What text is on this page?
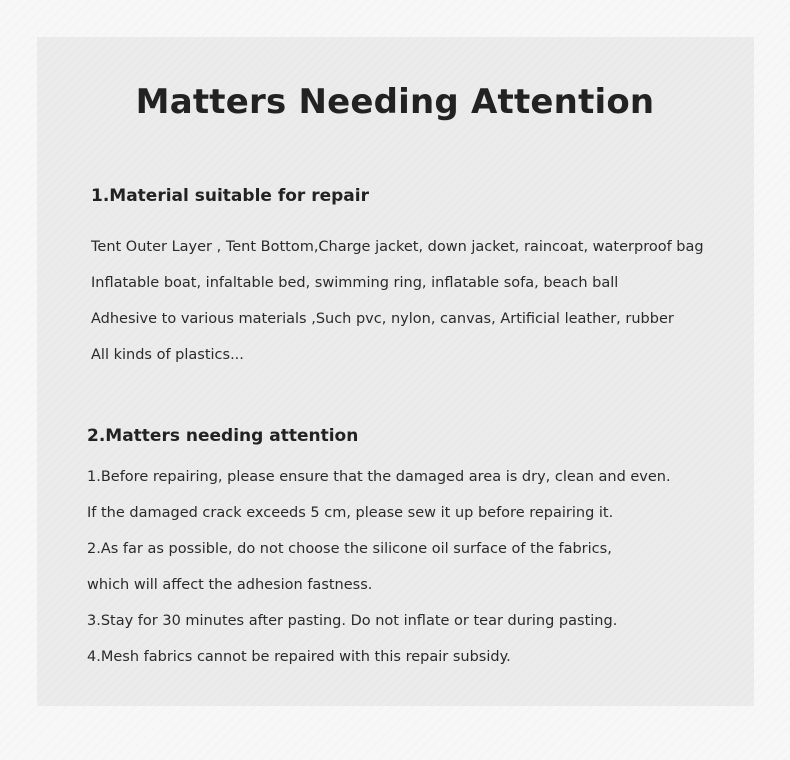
Matters Needing Attention
1.Material suitable for repair
Tent Outer Layer , Tent Bottom,Charge jacket, down jacket, raincoat, waterproof bag
Inflatable boat, infaltable bed, swimming ring, inflatable sofa, beach ball
Adhesive to various materials ,Such pvc, nylon, canvas, Artificial leather, rubber
All kinds of plastics...
2.Matters needing attention
1.Before repairing, please ensure that the damaged area is dry, clean and even.
If the damaged crack exceeds 5 cm, please sew it up before repairing it.
2.As far as possible, do not choose the silicone oil surface of the fabrics,
which will affect the adhesion fastness.
3.Stay for 30 minutes after pasting. Do not inflate or tear during pasting.
4.Mesh fabrics cannot be repaired with this repair subsidy.
